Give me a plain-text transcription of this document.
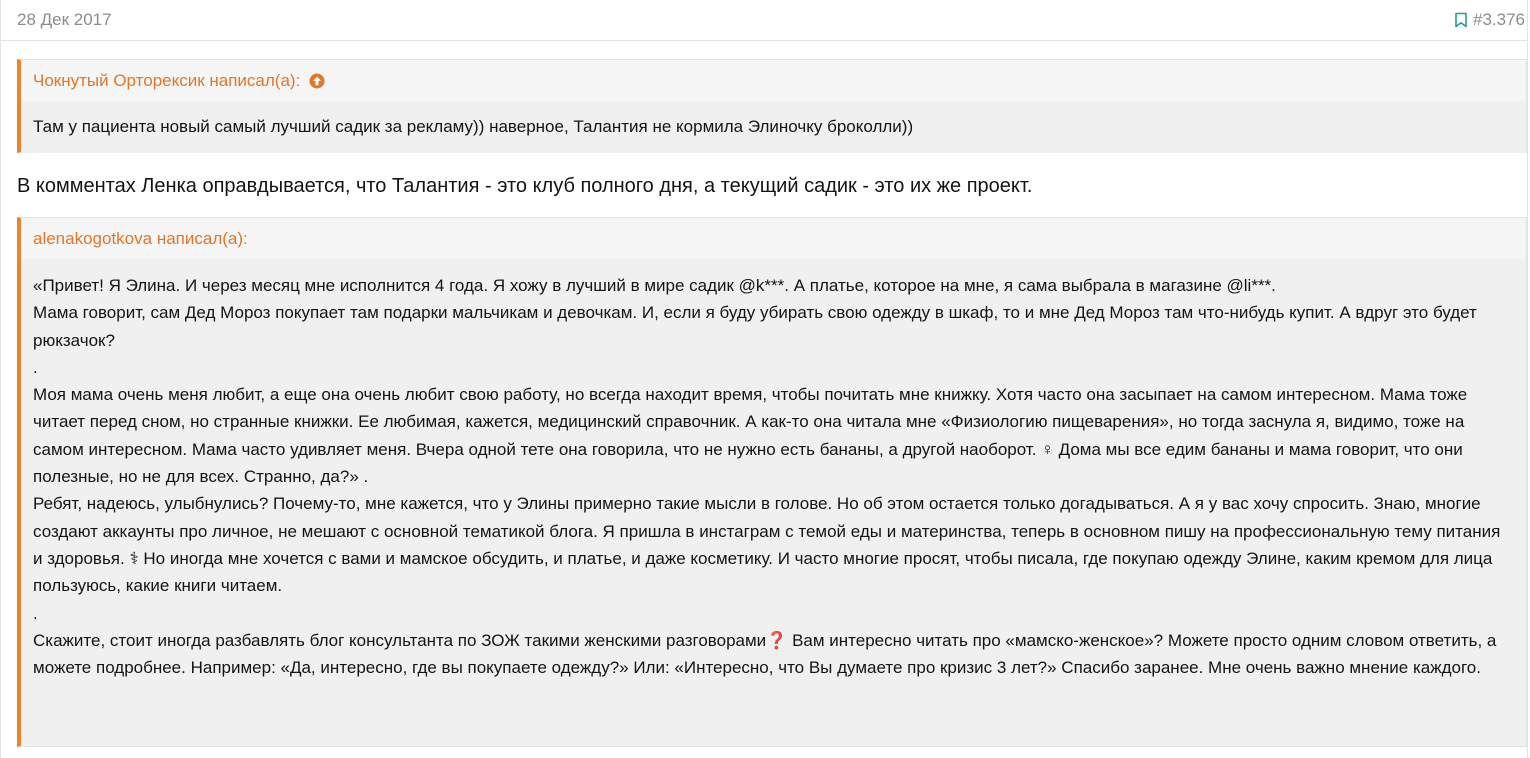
28 Дек 2017	#3.376
Чокнутый Орторексик написал(а):
Там у пациента новый самый лучший садик за рекламу)) наверное, Талантия не кормила Элиночку броколли))
В комментах Ленка оправдывается, что Талантия - это клуб полного дня, а текущий садик - это их же проект.
alenakogotkova написал(а):

«Привет! Я Элина. И через месяц мне исполнится 4 года. Я хожу в лучший в мире садик @k***. А платье, которое на мне, я сама выбрала в магазине @li***.

Мама говорит, сам Дед Мороз покупает там подарки мальчикам и девочкам. И, если я буду убирать свою одежду в шкаф, то и мне Дед Мороз там что-нибудь купит. А вдруг это будет рюкзачок?

.

Моя мама очень меня любит, а еще она очень любит свою работу, но всегда находит время, чтобы почитать мне книжку. Хотя часто она засыпает на самом интересном. Мама тоже читает перед сном, но странные книжки. Ее любимая, кажется, медицинский справочник. А как-то она читала мне «Физиологию пищеварения», но тогда заснула я, видимо, тоже на самом интересном. Мама часто удивляет меня. Вчера одной тете она говорила, что не нужно есть бананы, а другой наоборот. ♀ Дома мы все едим бананы и мама говорит, что они полезные, но не для всех. Странно, да?» .

Ребят, надеюсь, улыбнулись? Почему-то, мне кажется, что у Элины примерно такие мысли в голове. Но об этом остается только догадываться. А я у вас хочу спросить. Знаю, многие создают аккаунты про личное, не мешают с основной тематикой блога. Я пришла в инстаграм с темой еды и материнства, теперь в основном пишу на профессиональную тему питания и здоровья. ⚕ Но иногда мне хочется с вами и мамское обсудить, и платье, и даже косметику. И часто многие просят, чтобы писала, где покупаю одежду Элине, каким кремом для лица пользуюсь, какие книги читаем.

.

Скажите, стоит иногда разбавлять блог консультанта по ЗОЖ такими женскими разговорами❓ Вам интересно читать про «мамско-женское»? Можете просто одним словом ответить, а можете подробнее. Например: «Да, интересно, где вы покупаете одежду?» Или: «Интересно, что Вы думаете про кризис 3 лет?» Спасибо заранее. Мне очень важно мнение каждого.
